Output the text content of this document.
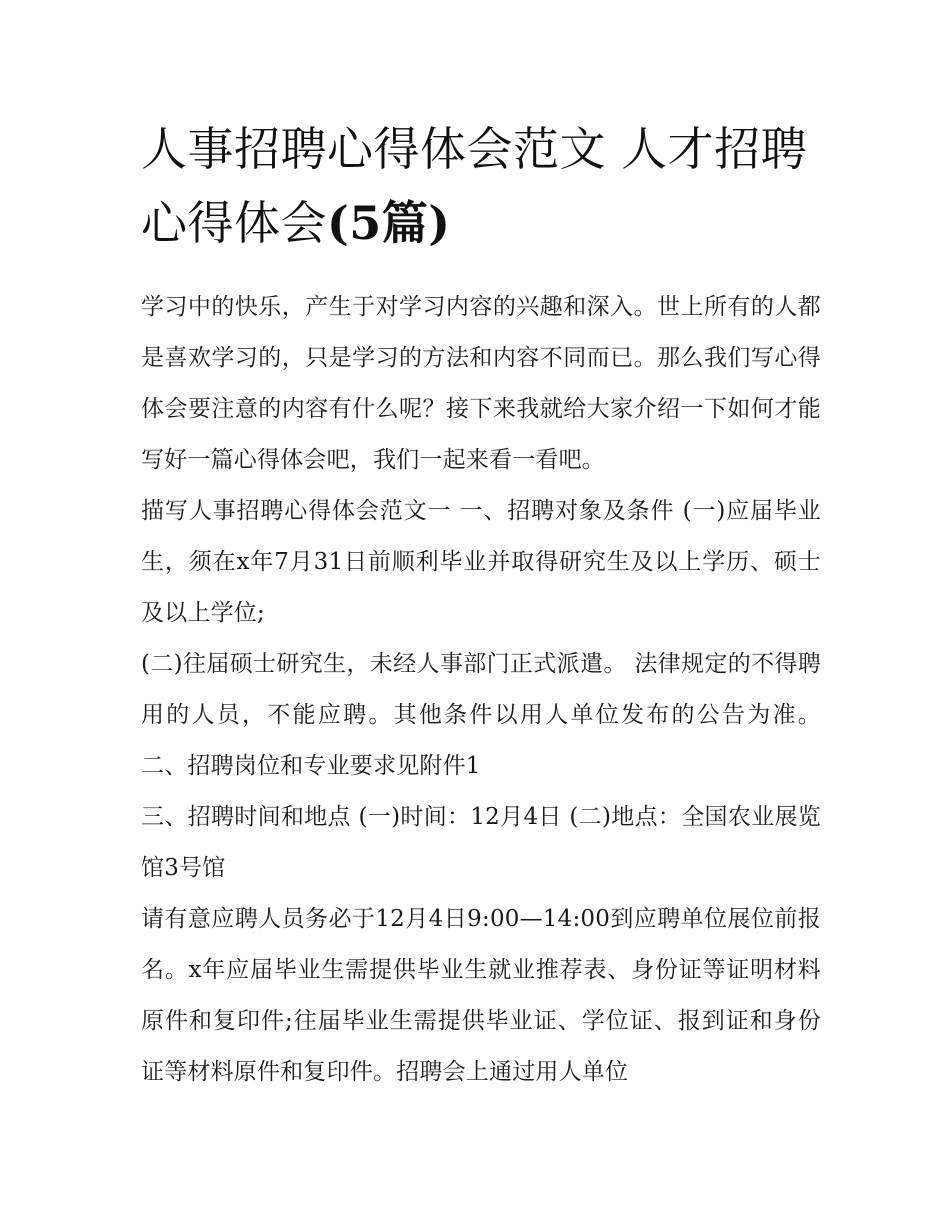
人事招聘心得体会范文 人才招聘心得体会(5篇)

学习中的快乐，产生于对学习内容的兴趣和深入。世上所有的人都是喜欢学习的，只是学习的方法和内容不同而已。那么我们写心得体会要注意的内容有什么呢？接下来我就给大家介绍一下如何才能写好一篇心得体会吧，我们一起来看一看吧。

描写人事招聘心得体会范文一 一、招聘对象及条件 (一)应届毕业生，须在x年7月31日前顺利毕业并取得研究生及以上学历、硕士及以上学位;

(二)往届硕士研究生，未经人事部门正式派遣。 法律规定的不得聘用的人员，不能应聘。其他条件以用人单位发布的公告为准。 二、招聘岗位和专业要求见附件1

三、招聘时间和地点 (一)时间：12月4日 (二)地点：全国农业展览馆3号馆

请有意应聘人员务必于12月4日9:00—14:00到应聘单位展位前报名。x年应届毕业生需提供毕业生就业推荐表、身份证等证明材料原件和复印件;往届毕业生需提供毕业证、学位证、报到证和身份证等材料原件和复印件。招聘会上通过用人单位
